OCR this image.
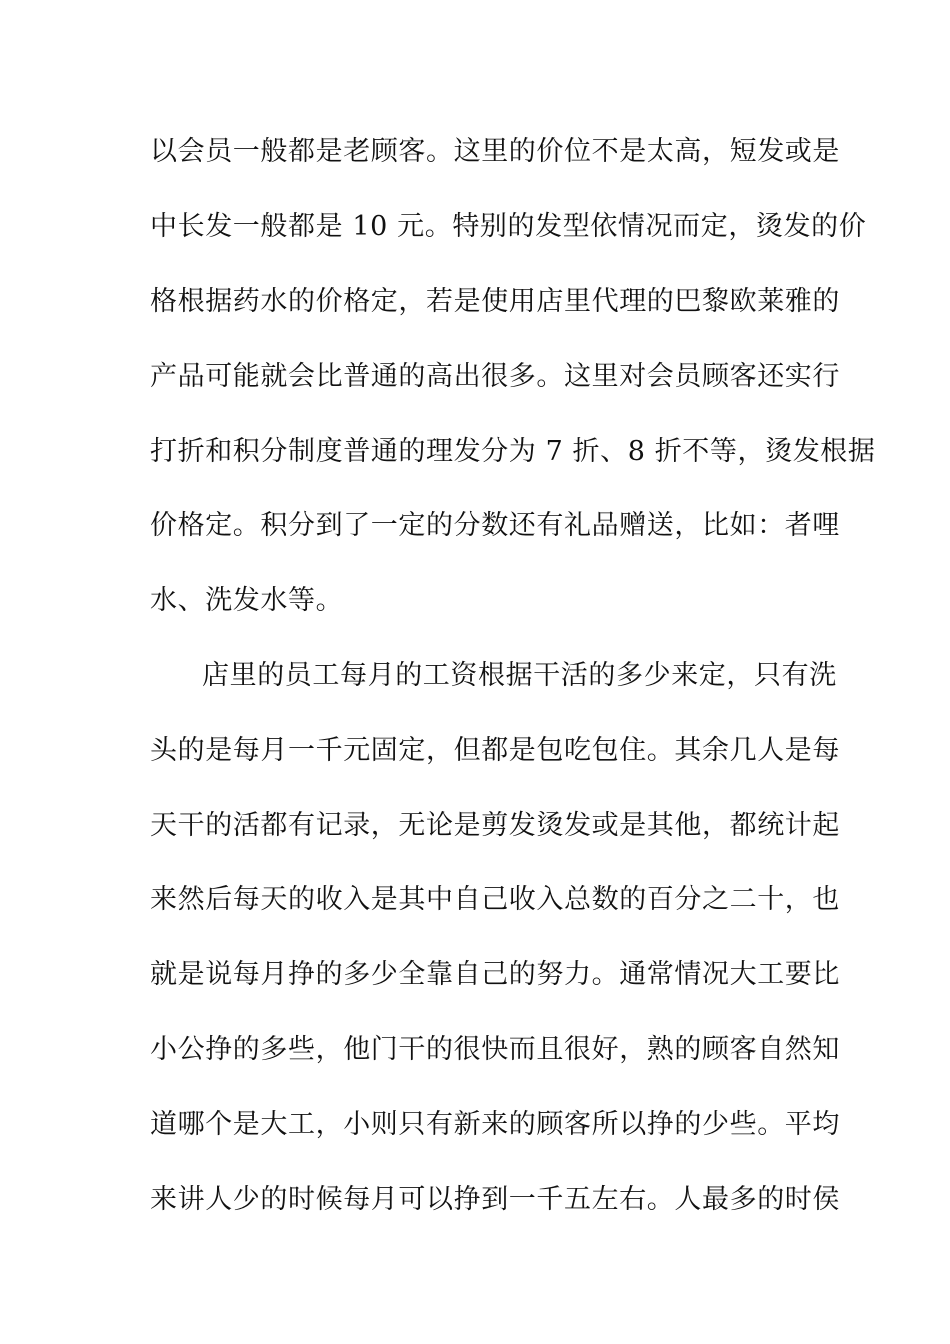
以会员一般都是老顾客。这里的价位不是太高，短发或是
中长发一般都是 10 元。特别的发型依情况而定，烫发的价
格根据药水的价格定，若是使用店里代理的巴黎欧莱雅的
产品可能就会比普通的高出很多。这里对会员顾客还实行
打折和积分制度普通的理发分为 7 折、8 折不等，烫发根据
价格定。积分到了一定的分数还有礼品赠送，比如：者哩
水、洗发水等。
店里的员工每月的工资根据干活的多少来定，只有洗
头的是每月一千元固定，但都是包吃包住。其余几人是每
天干的活都有记录，无论是剪发烫发或是其他，都统计起
来然后每天的收入是其中自己收入总数的百分之二十，也
就是说每月挣的多少全靠自己的努力。通常情况大工要比
小公挣的多些，他门干的很快而且很好，熟的顾客自然知
道哪个是大工，小则只有新来的顾客所以挣的少些。平均
来讲人少的时候每月可以挣到一千五左右。人最多的时侯
